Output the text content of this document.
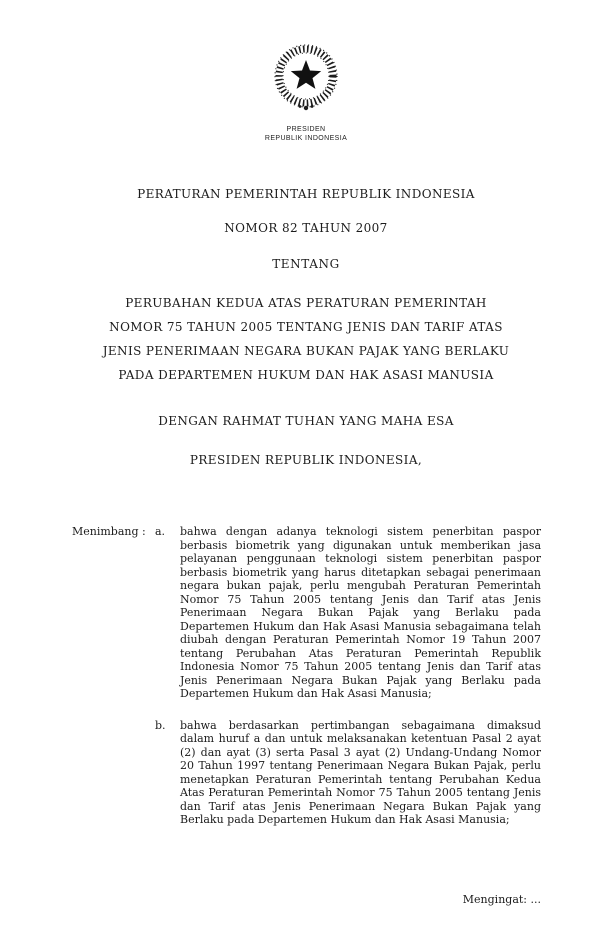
PRESIDEN
REPUBLIK INDONESIA

PERATURAN PEMERINTAH REPUBLIK INDONESIA

NOMOR 82 TAHUN 2007

TENTANG

PERUBAHAN KEDUA ATAS PERATURAN PEMERINTAH
NOMOR 75 TAHUN 2005 TENTANG JENIS DAN TARIF ATAS
JENIS PENERIMAAN NEGARA BUKAN PAJAK YANG BERLAKU
PADA DEPARTEMEN HUKUM DAN HAK ASASI MANUSIA

DENGAN RAHMAT TUHAN YANG MAHA ESA

PRESIDEN REPUBLIK INDONESIA,

Menimbang : a.	bahwa dengan adanya teknologi sistem penerbitan paspor berbasis biometrik yang digunakan untuk memberikan jasa pelayanan penggunaan teknologi sistem penerbitan paspor berbasis biometrik yang harus ditetapkan sebagai penerimaan negara bukan pajak, perlu mengubah Peraturan Pemerintah Nomor 75 Tahun 2005 tentang Jenis dan Tarif atas Jenis Penerimaan Negara Bukan Pajak yang Berlaku pada Departemen Hukum dan Hak Asasi Manusia sebagaimana telah diubah dengan Peraturan Pemerintah Nomor 19 Tahun 2007 tentang Perubahan Atas Peraturan Pemerintah Republik Indonesia Nomor 75 Tahun 2005 tentang Jenis dan Tarif atas Jenis Penerimaan Negara Bukan Pajak yang Berlaku pada Departemen Hukum dan Hak Asasi Manusia;
b.	bahwa berdasarkan pertimbangan sebagaimana dimaksud dalam huruf a dan untuk melaksanakan ketentuan Pasal 2 ayat (2) dan ayat (3) serta Pasal 3 ayat (2) Undang-Undang Nomor 20 Tahun 1997 tentang Penerimaan Negara Bukan Pajak, perlu menetapkan Peraturan Pemerintah tentang Perubahan Kedua Atas Peraturan Pemerintah Nomor 75 Tahun 2005 tentang Jenis dan Tarif atas Jenis Penerimaan Negara Bukan Pajak yang Berlaku pada Departemen Hukum dan Hak Asasi Manusia;
Mengingat: ...
